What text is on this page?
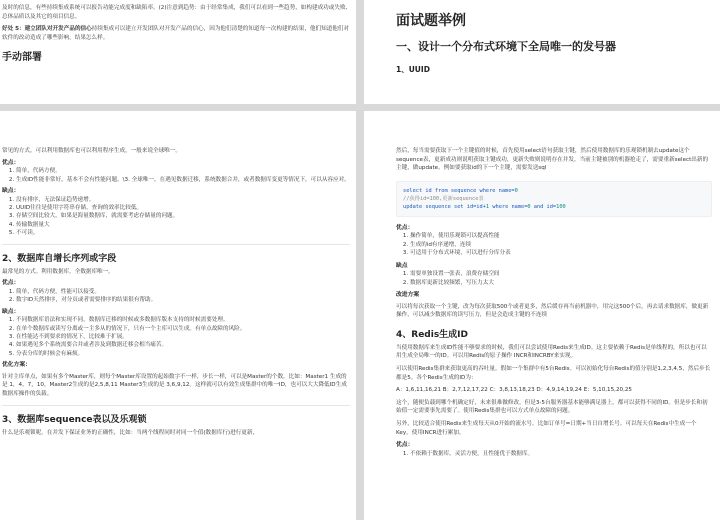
及时的信息，有些持续集成系统可以报告功能完成度和缺陷率。(2)注意到趋势：由于经常集成，我们可以看到一些趋势，如构建成功或失败、总体品质以及其它的项目信息。

好处 5：建立团队对开发产品的信心持续集成可以建立开发团队对开发产品的信心，因为他们清楚的知道每一次构建的结果，他们知道他们对软件的改动造成了哪些影响，结果怎么样。

手动部署
面试题举例
一、设计一个分布式环境下全局唯一的发号器
1、UUID

常见的方式。可以利用数据库也可以利用程序生成，一般来说全球唯一。

优点：

1. 简单，代码方便。
2. 生成ID性能非常好，基本不会有性能问题。\3. 全球唯一，在遇见数据迁移，系统数据合并，或者数据库变更等情况下，可以从容应对。

缺点：

1. 没有排序，无法保证趋势递增。
2. UUID往往是使用字符串存储，查询的效率比较低。
3. 存储空间比较大，如果是海量数据库，就需要考虑存储量的问题。
4. 传输数据量大
5. 不可读。
2、数据库自增长序列或字段

最常见的方式。利用数据库，全数据库唯一。

优点：

1. 简单，代码方便，性能可以接受。
2. 数字ID天然排序，对分页或者需要排序的结果很有帮助。

缺点：

1. 不同数据库语法和实现不同，数据库迁移的时候或多数据库版本支持的时候需要处理。
2. 在单个数据库或读写分离或一主多从的情况下，只有一个主库可以生成。有单点故障的风险。
3. 在性能达不到要求的情况下，比较难于扩展。
4. 如果遇见多个系统需要合并或者涉及到数据迁移会相当痛苦。
5. 分表分库的时候会有麻烦。

优化方案：

针对主库单点，如果有多个Master库，则每个Master库设置的起始数字不一样，步长一样，可以是Master的个数。比如：Master1 生成的是 1，4，7，10，Master2生成的是2,5,8,11 Master3生成的是 3,6,9,12。这样就可以有效生成集群中的唯一ID，也可以大大降低ID生成数据库操作的负载。

3、数据库sequence表以及乐观锁

什么是乐观锁呢，在并发下保证业务的正确性，比如：当两个线程同时对同一个值(数据库行)进行更新，

然后，每当需要获取下一个主键值的时候，首先使用select语句获取主键，然后使用数据库的乐观锁机制去update这个sequence表，更新成功则说明获取主键成功，更新失败则说明存在并发，当前主键被别的机器抢走了，需要重新select出新的主键，做update。例如要获取id的下一个主键，需要发送sql

select id from sequence where name=0
//获得id=100,更新sequence表
update sequence set id=id+1 where name=0 and id=100

优点：

1. 操作简单，使用乐观锁可以提高性能
2. 生成的id有序递增，连续
3. 可适用于分布式环境，可以进行分库分表

缺点

1. 需要单独设置一张表，浪费存储空间
2. 数据库更新比较频繁，写压力太大

改进方案

可以将每次获取一个主键，改为每次获取500个或者更多，然后缓存再当前机器中，用完这500个后，再去请求数据库，做更新操作，可以减少数据库的读写压力，但是会造成主键的不连续

4、Redis生成ID

当使用数据库来生成ID性能不够要求的时候，我们可以尝试使用Redis来生成ID。这主要依赖于Redis是单线程的，所以也可以用生成全局唯一的ID。可以用Redis的原子操作 INCR和INCRBY来实现。

可以使用Redis集群来获取更高的吞吐量。假如一个集群中有5台Redis。可以初始化每台Redis的值分别是1,2,3,4,5，然后步长都是5。各个Redis生成的ID为：

A：1,6,11,16,21 B：2,7,12,17,22 C：3,8,13,18,23 D：4,9,14,19,24 E：5,10,15,20,25

这个，随便负载到哪个机确定好，未来很难做修改。但是3-5台服务器基本能够满足器上，都可以获得不同的ID。但是步长和初始值一定需要事先需要了。使用Redis集群也可以方式单点故障的问题。

另外，比较适合使用Redis来生成每天从0开始的流水号。比如订单号=日期+当日自增长号。可以每天在Redis中生成一个Key，使用INCR进行累加。

优点：

1. 不依赖于数据库，灵活方便，且性能优于数据库。
